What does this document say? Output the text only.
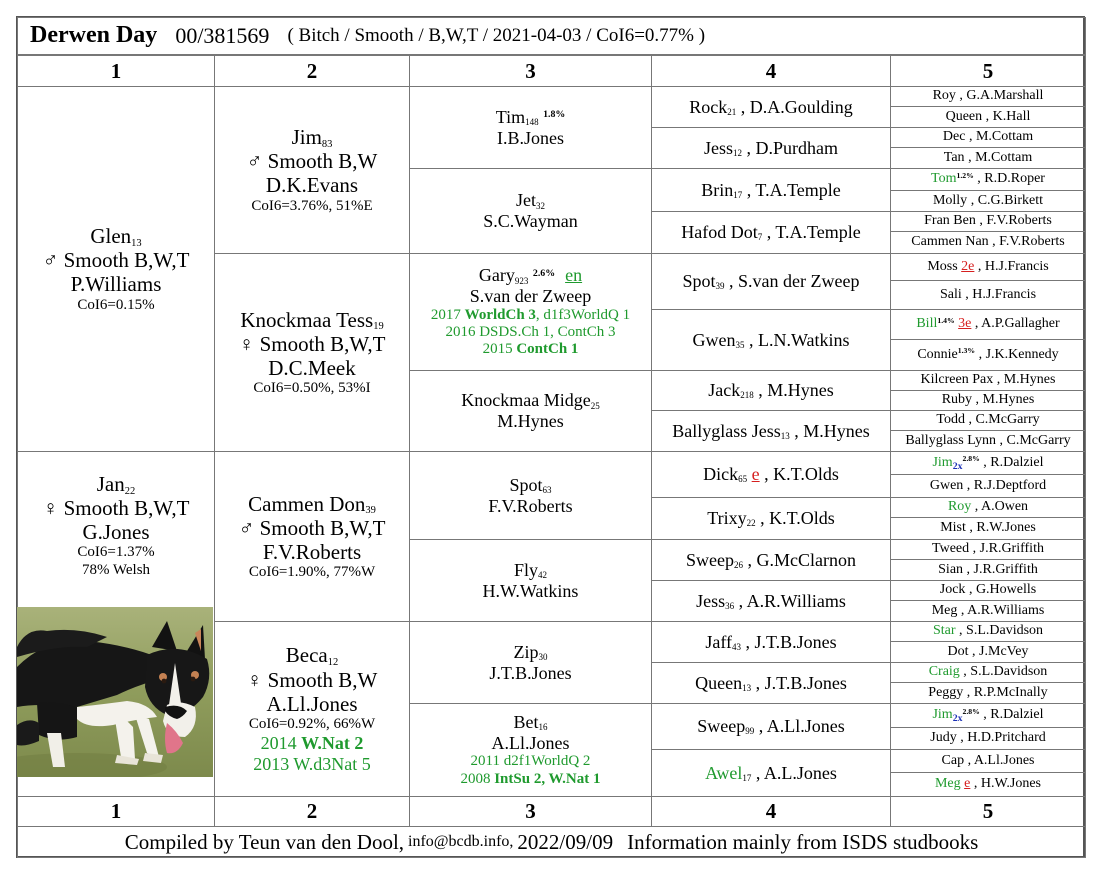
Derwen Day 00/381569 ( Bitch / Smooth / B,W,T / 2021-04-03 / CoI6=0.77% )
1
1
2
2
3
3
4
4
5
5
Compiled by Teun van den Dool, info@bcdb.info, 2022/09/09 Information mainly from ISDS studbooks
Glen$_{13}$
♂ Smooth B,W,T
P.Williams
CoI6=0.15%
Jan$_{22}$
♀ Smooth B,W,T
G.Jones
CoI6=1.37%
78% Welsh
Jim$_{83}$
♂ Smooth B,W
D.K.Evans
CoI6=3.76%, 51%E
Knockmaa Tess$_{19}$
♀ Smooth B,W,T
D.C.Meek
CoI6=0.50%, 53%I
Cammen Don$_{39}$
♂ Smooth B,W,T
F.V.Roberts
CoI6=1.90%, 77%W
Beca$_{12}$
♀ Smooth B,W
A.Ll.Jones
CoI6=0.92%, 66%W
2014 W.Nat 2
2013 W.d3Nat 5
Tim$_{148}$ $^{1.8\%}$
I.B.Jones
Jet$_{32}$
S.C.Wayman
Gary$_{923}$ $^{2.6\%}$ en
S.van der Zweep
2017 WorldCh 3, d1f3WorldQ 1
2016 DSDS.Ch 1, ContCh 3
2015 ContCh 1
Knockmaa Midge$_{25}$
M.Hynes
Spot$_{63}$
F.V.Roberts
Fly$_{42}$
H.W.Watkins
Zip$_{30}$
J.T.B.Jones
Bet$_{16}$
A.Ll.Jones
2011 d2f1WorldQ 2
2008 IntSu 2, W.Nat 1
Rock$_{21}$ , D.A.Goulding
Jess$_{12}$ , D.Purdham
Brin$_{17}$ , T.A.Temple
Hafod Dot$_7$ , T.A.Temple
Spot$_{39}$ , S.van der Zweep
Gwen$_{35}$ , L.N.Watkins
Jack$_{218}$ , M.Hynes
Ballyglass Jess$_{13}$ , M.Hynes
Dick$_{65}$ e , K.T.Olds
Trixy$_{22}$ , K.T.Olds
Sweep$_{26}$ , G.McClarnon
Jess$_{36}$ , A.R.Williams
Jaff$_{43}$ , J.T.B.Jones
Queen$_{13}$ , J.T.B.Jones
Sweep$_{99}$ , A.Ll.Jones
Awel$_{17}$ , A.L.Jones
Roy , G.A.Marshall
Queen , K.Hall
Dec , M.Cottam
Tan , M.Cottam
Tom$^{1.2\%}$ , R.D.Roper
Molly , C.G.Birkett
Fran Ben , F.V.Roberts
Cammen Nan , F.V.Roberts
Moss 2e , H.J.Francis
Sali , H.J.Francis
Bill$^{1.4\%}$ 3e , A.P.Gallagher
Connie$^{1.3\%}$ , J.K.Kennedy
Kilcreen Pax , M.Hynes
Ruby , M.Hynes
Todd , C.McGarry
Ballyglass Lynn , C.McGarry
Jim$_{2x}^{2.8\%}$ , R.Dalziel
Gwen , R.J.Deptford
Roy , A.Owen
Mist , R.W.Jones
Tweed , J.R.Griffith
Sian , J.R.Griffith
Jock , G.Howells
Meg , A.R.Williams
Star , S.L.Davidson
Dot , J.McVey
Craig , S.L.Davidson
Peggy , R.P.McInally
Jim$_{2x}^{2.8\%}$ , R.Dalziel
Judy , H.D.Pritchard
Cap , A.Ll.Jones
Meg e , H.W.Jones
